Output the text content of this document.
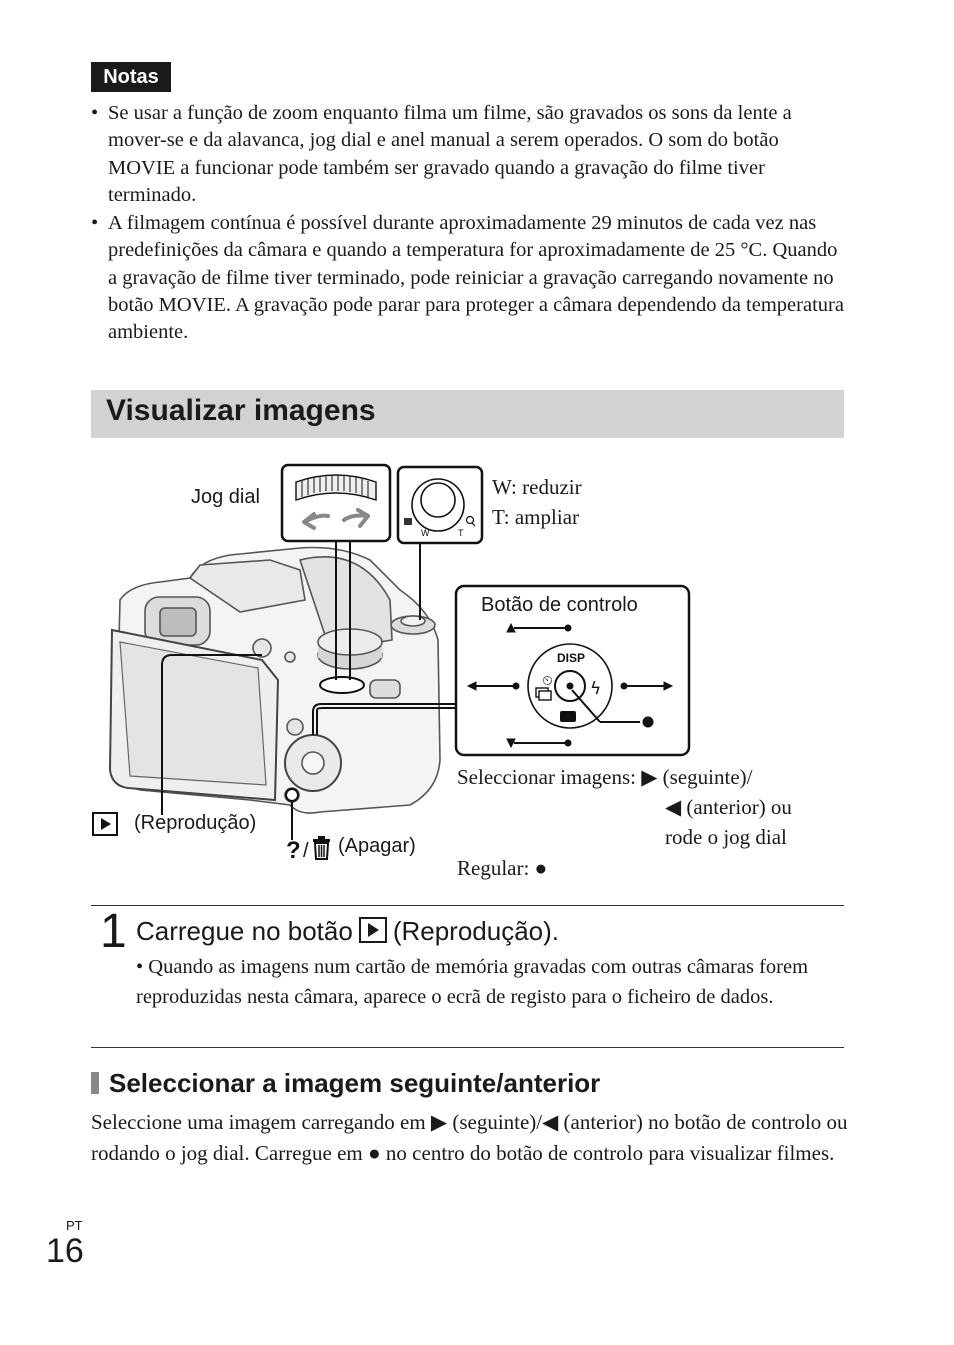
Notas
• Se usar a função de zoom enquanto filma um filme, são gravados os sons da lente a mover-se e da alavanca, jog dial e anel manual a serem operados. O som do botão MOVIE a funcionar pode também ser gravado quando a gravação do filme tiver terminado.
• A filmagem contínua é possível durante aproximadamente 29 minutos de cada vez nas predefinições da câmara e quando a temperatura for aproximadamente de 25 °C. Quando a gravação de filme tiver terminado, pode reiniciar a gravação carregando novamente no botão MOVIE. A gravação pode parar para proteger a câmara dependendo da temperatura ambiente.
Visualizar imagens
W	T
⏲ ϟ
DISP
Jog dial	W: reduzir
T: ampliar
Botão de controlo
(Reprodução)
? / (Apagar)
Seleccionar imagens: ▶ (seguinte)/
◀ (anterior) ou
rode o jog dial
Regular: ●
1 Carregue no botão (Reprodução).
• Quando as imagens num cartão de memória gravadas com outras câmaras forem reproduzidas nesta câmara, aparece o ecrã de registo para o ficheiro de dados.
Seleccionar a imagem seguinte/anterior
Seleccione uma imagem carregando em ▶ (seguinte)/◀ (anterior) no botão de controlo ou rodando o jog dial. Carregue em ● no centro do botão de controlo para visualizar filmes.
PT
16
